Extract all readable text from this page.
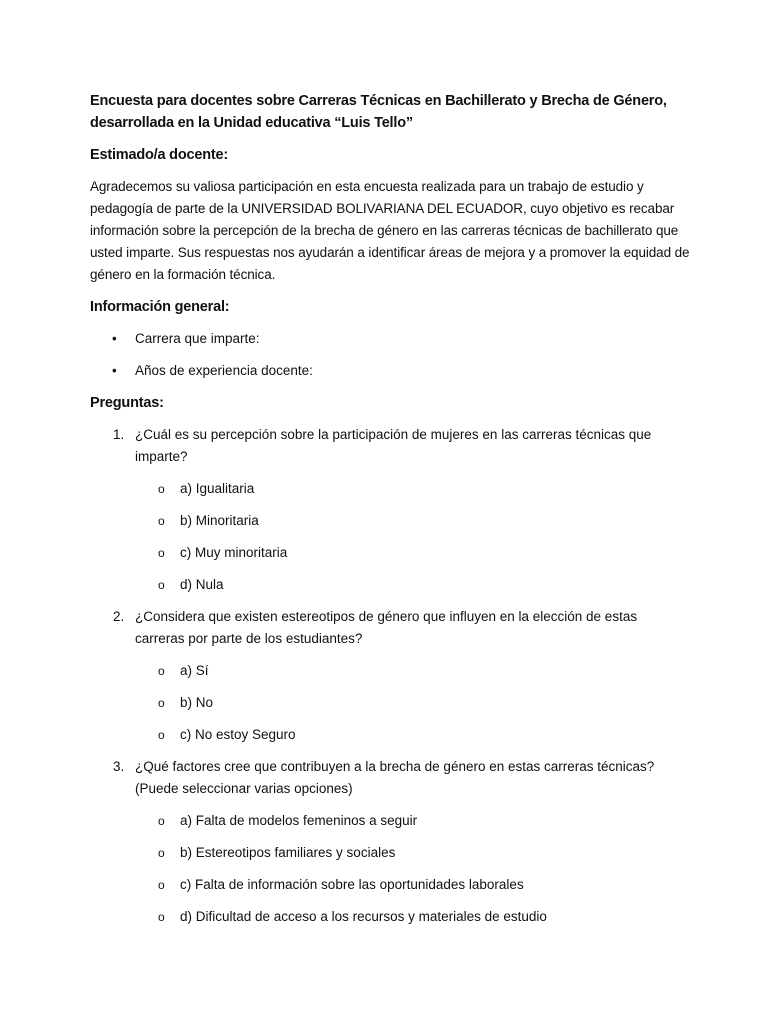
Encuesta para docentes sobre Carreras Técnicas en Bachillerato y Brecha de Género,
desarrollada en la Unidad educativa “Luis Tello”
Estimado/a docente:

Agradecemos su valiosa participación en esta encuesta realizada para un trabajo de estudio y pedagogía de parte de la UNIVERSIDAD BOLIVARIANA DEL ECUADOR, cuyo objetivo es recabar información sobre la percepción de la brecha de género en las carreras técnicas de bachillerato que usted imparte. Sus respuestas nos ayudarán a identificar áreas de mejora y a promover la equidad de género en la formación técnica.

Información general:
• Carrera que imparte:
• Años de experiencia docente:
Preguntas:
1. ¿Cuál es su percepción sobre la participación de mujeres en las carreras técnicas que imparte?
o a) Igualitaria
o b) Minoritaria
o c) Muy minoritaria
o d) Nula
2. ¿Considera que existen estereotipos de género que influyen en la elección de estas carreras por parte de los estudiantes?
o a) Sí
o b) No
o c) No estoy Seguro
3. ¿Qué factores cree que contribuyen a la brecha de género en estas carreras técnicas? (Puede seleccionar varias opciones)
o a) Falta de modelos femeninos a seguir
o b) Estereotipos familiares y sociales
o c) Falta de información sobre las oportunidades laborales
o d) Dificultad de acceso a los recursos y materiales de estudio
